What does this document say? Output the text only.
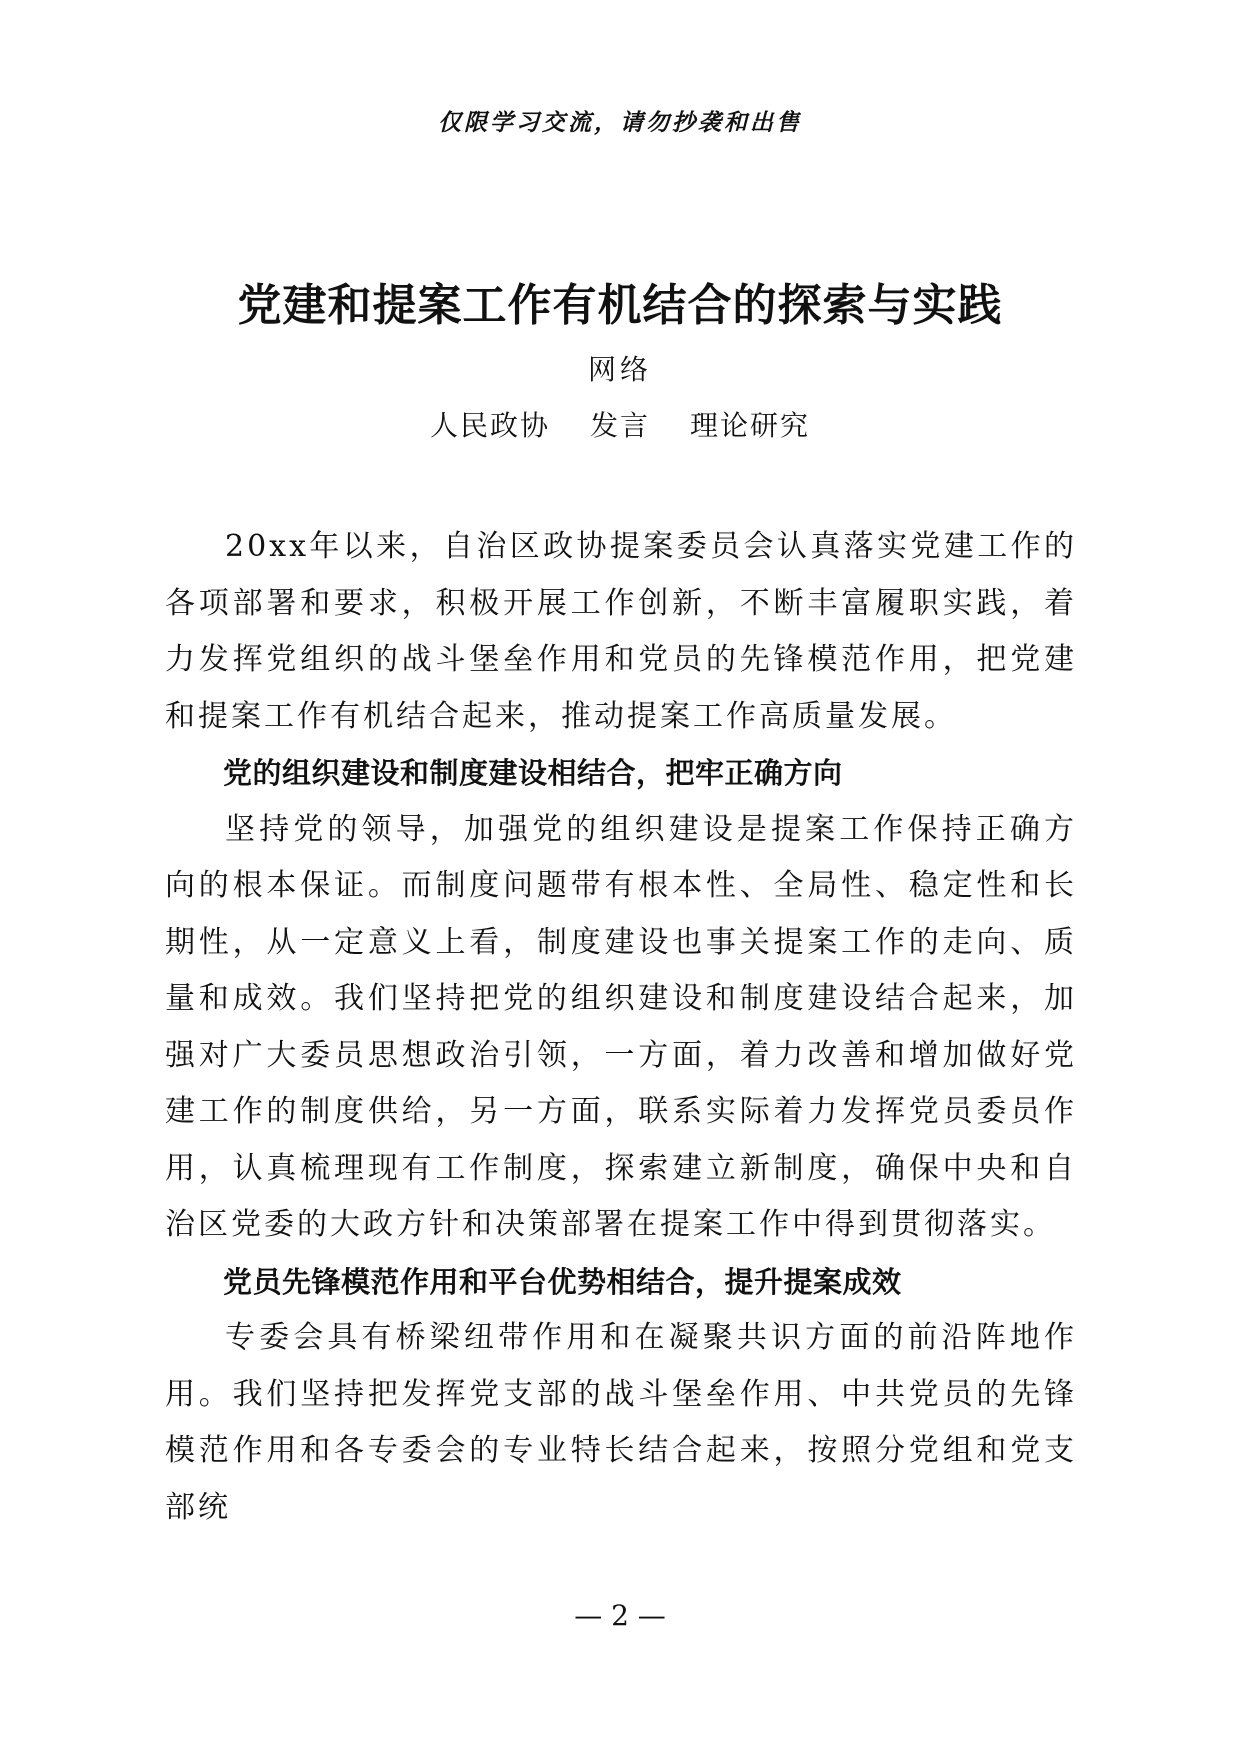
仅限学习交流，请勿抄袭和出售
党建和提案工作有机结合的探索与实践
网络
人民政协 发言 理论研究

20xx年以来，自治区政协提案委员会认真落实党建工作的各项部署和要求，积极开展工作创新，不断丰富履职实践，着力发挥党组织的战斗堡垒作用和党员的先锋模范作用，把党建和提案工作有机结合起来，推动提案工作高质量发展。

党的组织建设和制度建设相结合，把牢正确方向

坚持党的领导，加强党的组织建设是提案工作保持正确方向的根本保证。而制度问题带有根本性、全局性、稳定性和长期性，从一定意义上看，制度建设也事关提案工作的走向、质量和成效。我们坚持把党的组织建设和制度建设结合起来，加强对广大委员思想政治引领，一方面，着力改善和增加做好党建工作的制度供给，另一方面，联系实际着力发挥党员委员作用，认真梳理现有工作制度，探索建立新制度，确保中央和自治区党委的大政方针和决策部署在提案工作中得到贯彻落实。

党员先锋模范作用和平台优势相结合，提升提案成效

专委会具有桥梁纽带作用和在凝聚共识方面的前沿阵地作用。我们坚持把发挥党支部的战斗堡垒作用、中共党员的先锋模范作用和各专委会的专业特长结合起来，按照分党组和党支部统

— 2 —
